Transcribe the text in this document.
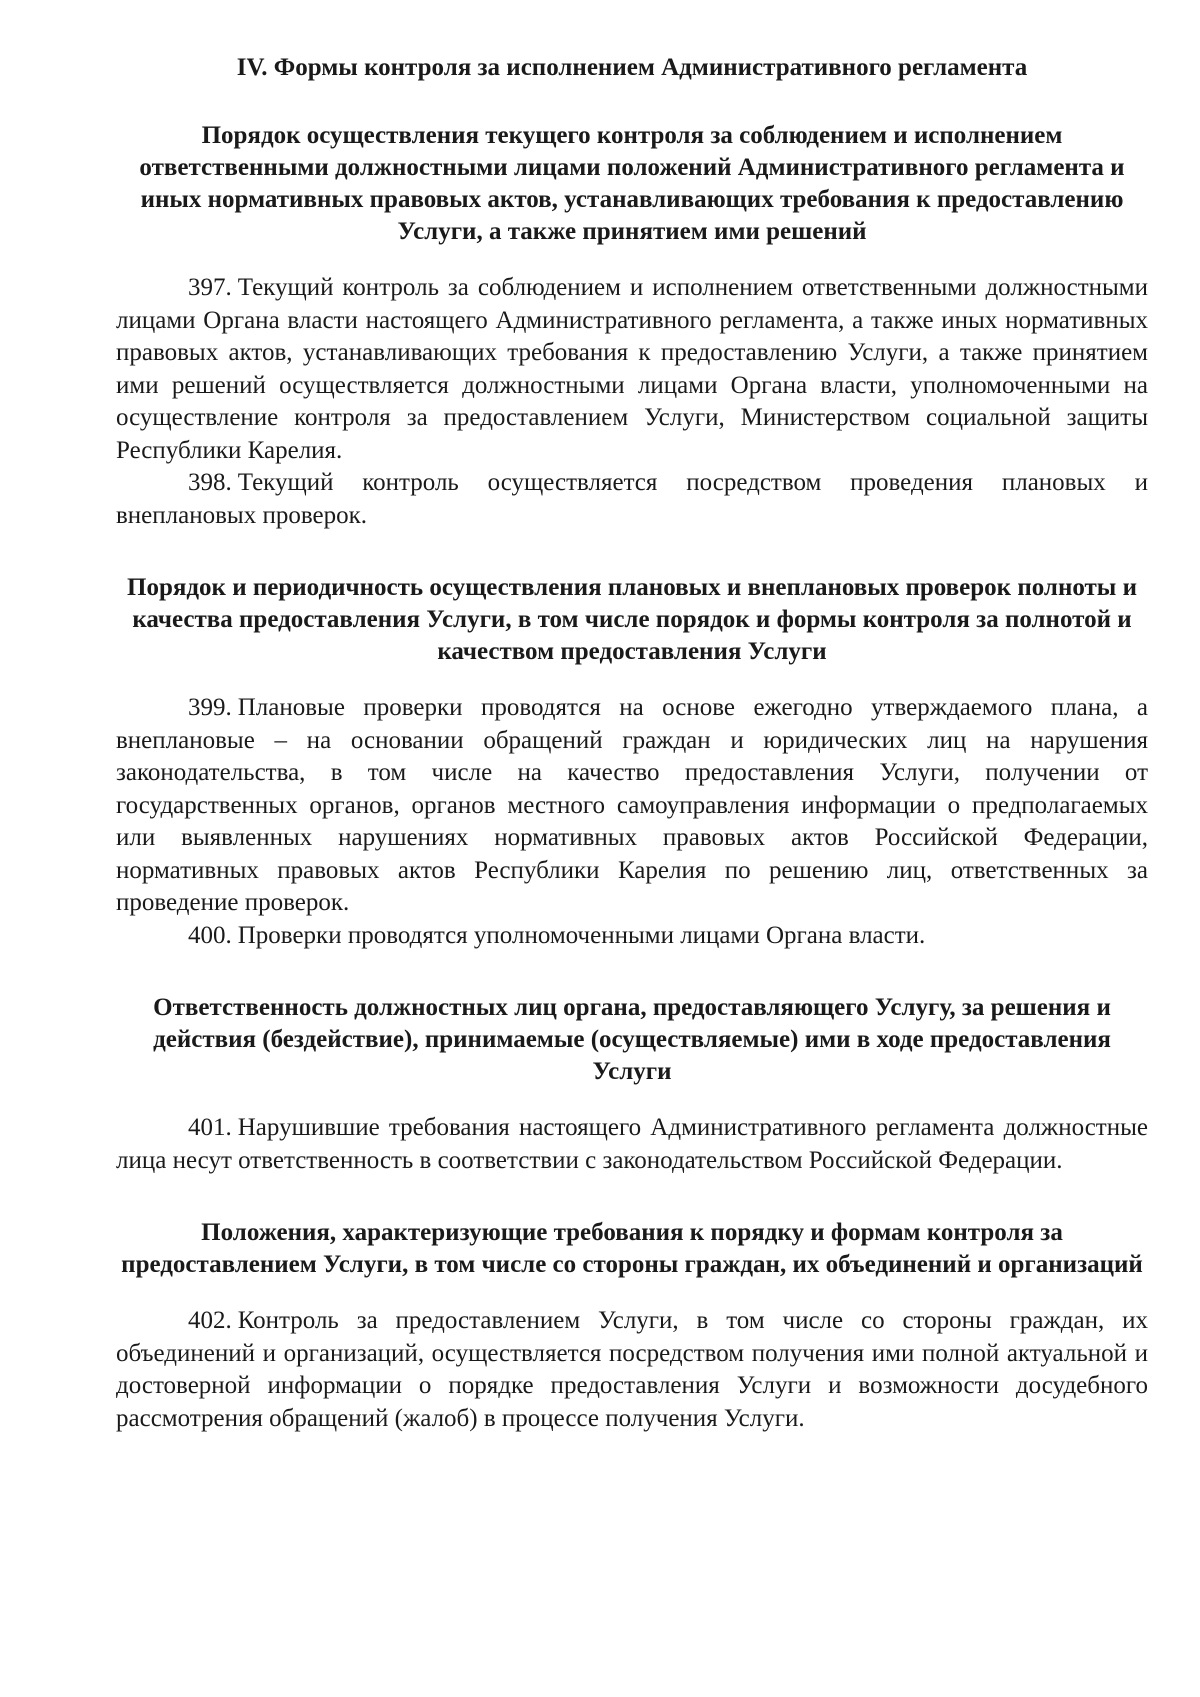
IV. Формы контроля за исполнением Административного регламента
Порядок осуществления текущего контроля за соблюдением и исполнением ответственными должностными лицами положений Административного регламента и иных нормативных правовых актов, устанавливающих требования к предоставлению Услуги, а также принятием ими решений

397. Текущий контроль за соблюдением и исполнением ответственными должностными лицами Органа власти настоящего Административного регламента, а также иных нормативных правовых актов, устанавливающих требования к предоставлению Услуги, а также принятием ими решений осуществляется должностными лицами Органа власти, уполномоченными на осуществление контроля за предоставлением Услуги, Министерством социальной защиты Республики Карелия.

398. Текущий контроль осуществляется посредством проведения плановых и внеплановых проверок.

Порядок и периодичность осуществления плановых и внеплановых проверок полноты и качества предоставления Услуги, в том числе порядок и формы контроля за полнотой и качеством предоставления Услуги

399. Плановые проверки проводятся на основе ежегодно утверждаемого плана, а внеплановые – на основании обращений граждан и юридических лиц на нарушения законодательства, в том числе на качество предоставления Услуги, получении от государственных органов, органов местного самоуправления информации о предполагаемых или выявленных нарушениях нормативных правовых актов Российской Федерации, нормативных правовых актов Республики Карелия по решению лиц, ответственных за проведение проверок.

400. Проверки проводятся уполномоченными лицами Органа власти.

Ответственность должностных лиц органа, предоставляющего Услугу, за решения и действия (бездействие), принимаемые (осуществляемые) ими в ходе предоставления Услуги

401. Нарушившие требования настоящего Административного регламента должностные лица несут ответственность в соответствии с законодательством Российской Федерации.

Положения, характеризующие требования к порядку и формам контроля за предоставлением Услуги, в том числе со стороны граждан, их объединений и организаций

402. Контроль за предоставлением Услуги, в том числе со стороны граждан, их объединений и организаций, осуществляется посредством получения ими полной актуальной и достоверной информации о порядке предоставления Услуги и возможности досудебного рассмотрения обращений (жалоб) в процессе получения Услуги.
